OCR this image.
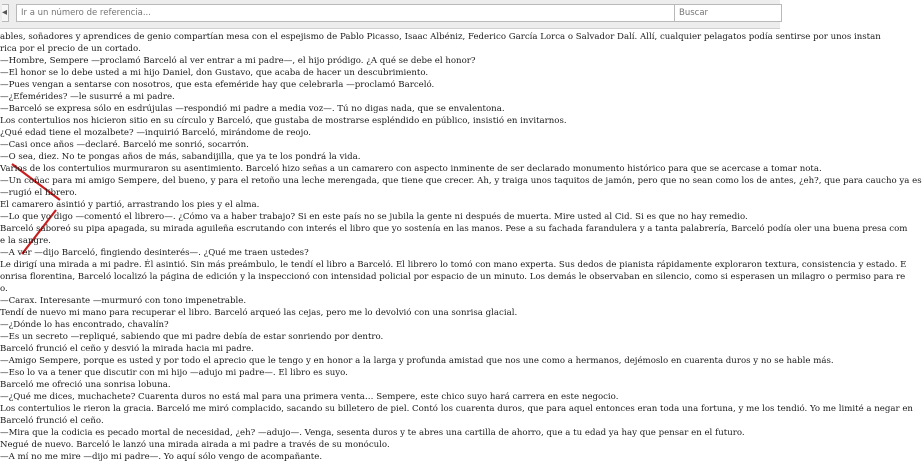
◂
Ir a un número de referencia...
Buscar
ables, soñadores y aprendices de genio compartían mesa con el espejismo de Pablo Picasso, Isaac Albéniz, Federico García Lorca o Salvador Dalí. Allí, cualquier pelagatos podía sentirse por unos instan
rica por el precio de un cortado.
—Hombre, Sempere —proclamó Barceló al ver entrar a mi padre—, el hijo pródigo. ¿A qué se debe el honor?
—El honor se lo debe usted a mi hijo Daniel, don Gustavo, que acaba de hacer un descubrimiento.
—Pues vengan a sentarse con nosotros, que esta efeméride hay que celebrarla —proclamó Barceló.
—¿Efemérides? —le susurré a mi padre.
—Barceló se expresa sólo en esdrújulas —respondió mi padre a media voz—. Tú no digas nada, que se envalentona.
Los contertulios nos hicieron sitio en su círculo y Barceló, que gustaba de mostrarse espléndido en público, insistió en invitarnos.
¿Qué edad tiene el mozalbete? —inquirió Barceló, mirándome de reojo.
—Casi once años —declaré. Barceló me sonrió, socarrón.
—O sea, diez. No te pongas años de más, sabandijilla, que ya te los pondrá la vida.
Varios de los contertulios murmuraron su asentimiento. Barceló hizo señas a un camarero con aspecto inminente de ser declarado monumento histórico para que se acercase a tomar nota.
—Un coñac para mi amigo Sempere, del bueno, y para el retoño una leche merengada, que tiene que crecer. Ah, y traiga unos taquitos de jamón, pero que no sean como los de antes, ¿eh?, que para caucho ya es
—rugió el librero.
El camarero asintió y partió, arrastrando los pies y el alma.
—Lo que yo digo —comentó el librero—. ¿Cómo va a haber trabajo? Si en este país no se jubila la gente ni después de muerta. Mire usted al Cid. Si es que no hay remedio.
Barceló saboreó su pipa apagada, su mirada aguileña escrutando con interés el libro que yo sostenía en las manos. Pese a su fachada farandulera y a tanta palabrería, Barceló podía oler una buena presa com
e la sangre.
—A ver —dijo Barceló, fingiendo desinterés—. ¿Qué me traen ustedes?
Le dirigí una mirada a mi padre. Él asintió. Sin más preámbulo, le tendí el libro a Barceló. El librero lo tomó con mano experta. Sus dedos de pianista rápidamente exploraron textura, consistencia y estado. E
onrisa florentina, Barceló localizó la página de edición y la inspeccionó con intensidad policial por espacio de un minuto. Los demás le observaban en silencio, como si esperasen un milagro o permiso para re
o.
—Carax. Interesante —murmuró con tono impenetrable.
Tendí de nuevo mi mano para recuperar el libro. Barceló arqueó las cejas, pero me lo devolvió con una sonrisa glacial.
—¿Dónde lo has encontrado, chavalín?
—Es un secreto —repliqué, sabiendo que mi padre debía de estar sonriendo por dentro.
Barceló frunció el ceño y desvió la mirada hacia mi padre.
—Amigo Sempere, porque es usted y por todo el aprecio que le tengo y en honor a la larga y profunda amistad que nos une como a hermanos, dejémoslo en cuarenta duros y no se hable más.
—Eso lo va a tener que discutir con mi hijo —adujo mi padre—. El libro es suyo.
Barceló me ofreció una sonrisa lobuna.
—¿Qué me dices, muchachete? Cuarenta duros no está mal para una primera venta… Sempere, este chico suyo hará carrera en este negocio.
Los contertulios le rieron la gracia. Barceló me miró complacido, sacando su billetero de piel. Contó los cuarenta duros, que para aquel entonces eran toda una fortuna, y me los tendió. Yo me limité a negar en
Barceló frunció el ceño.
—Mira que la codicia es pecado mortal de necesidad, ¿eh? —adujo—. Venga, sesenta duros y te abres una cartilla de ahorro, que a tu edad ya hay que pensar en el futuro.
Negué de nuevo. Barceló le lanzó una mirada airada a mi padre a través de su monóculo.
—A mí no me mire —dijo mi padre—. Yo aquí sólo vengo de acompañante.
